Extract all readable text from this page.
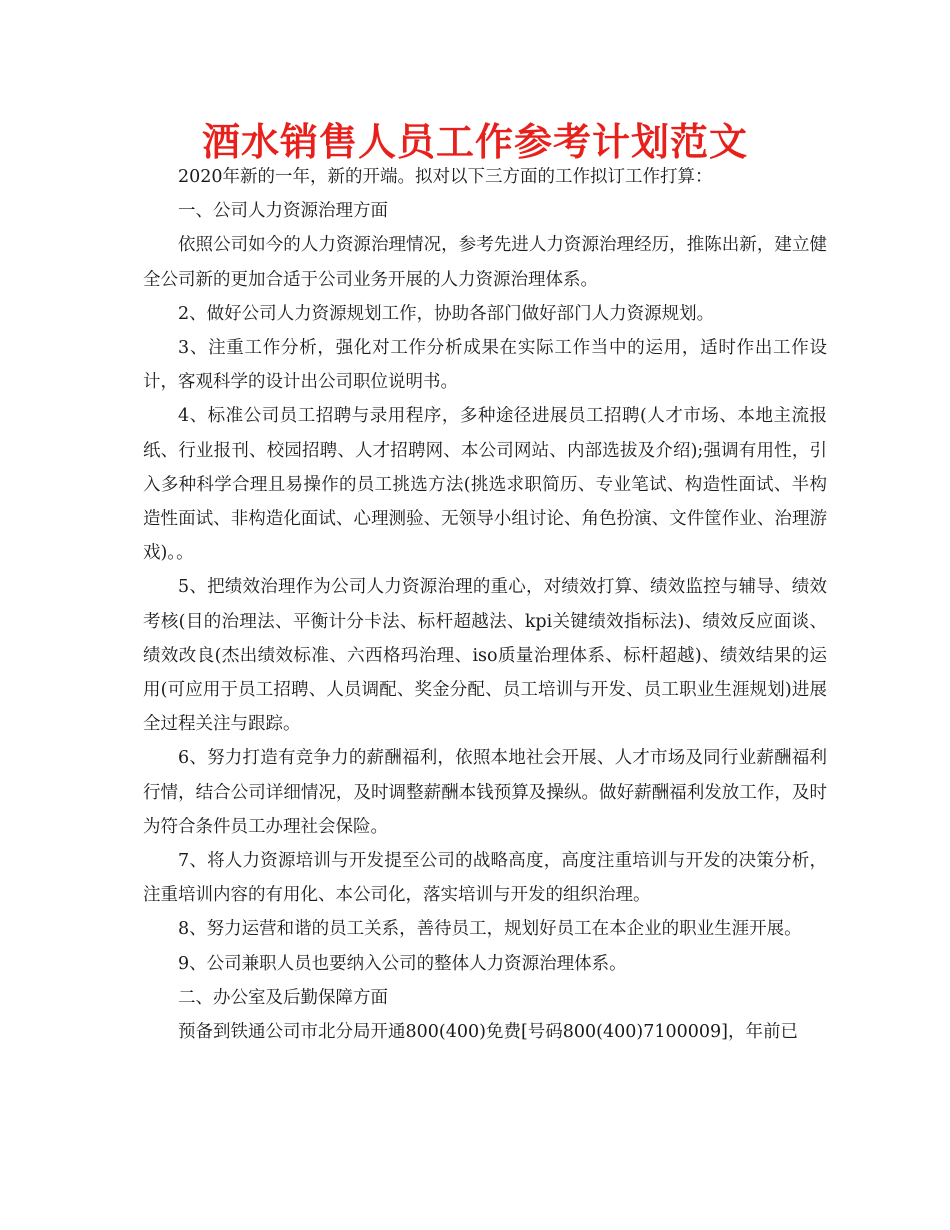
酒水销售人员工作参考计划范文

2020年新的一年，新的开端。拟对以下三方面的工作拟订工作打算：

一、公司人力资源治理方面

依照公司如今的人力资源治理情况，参考先进人力资源治理经历，推陈出新，建立健全公司新的更加合适于公司业务开展的人力资源治理体系。

2、做好公司人力资源规划工作，协助各部门做好部门人力资源规划。

3、注重工作分析，强化对工作分析成果在实际工作当中的运用，适时作出工作设计，客观科学的设计出公司职位说明书。

4、标准公司员工招聘与录用程序，多种途径进展员工招聘(人才市场、本地主流报纸、行业报刊、校园招聘、人才招聘网、本公司网站、内部选拔及介绍);强调有用性，引入多种科学合理且易操作的员工挑选方法(挑选求职简历、专业笔试、构造性面试、半构造性面试、非构造化面试、心理测验、无领导小组讨论、角色扮演、文件筐作业、治理游戏)。。

5、把绩效治理作为公司人力资源治理的重心，对绩效打算、绩效监控与辅导、绩效考核(目的治理法、平衡计分卡法、标杆超越法、kpi关键绩效指标法)、绩效反应面谈、绩效改良(杰出绩效标准、六西格玛治理、iso质量治理体系、标杆超越)、绩效结果的运用(可应用于员工招聘、人员调配、奖金分配、员工培训与开发、员工职业生涯规划)进展全过程关注与跟踪。

6、努力打造有竞争力的薪酬福利，依照本地社会开展、人才市场及同行业薪酬福利行情，结合公司详细情况，及时调整薪酬本钱预算及操纵。做好薪酬福利发放工作，及时为符合条件员工办理社会保险。

7、将人力资源培训与开发提至公司的战略高度，高度注重培训与开发的决策分析，注重培训内容的有用化、本公司化，落实培训与开发的组织治理。

8、努力运营和谐的员工关系，善待员工，规划好员工在本企业的职业生涯开展。

9、公司兼职人员也要纳入公司的整体人力资源治理体系。

二、办公室及后勤保障方面

预备到铁通公司市北分局开通800(400)免费[号码800(400)7100009]，年前已
